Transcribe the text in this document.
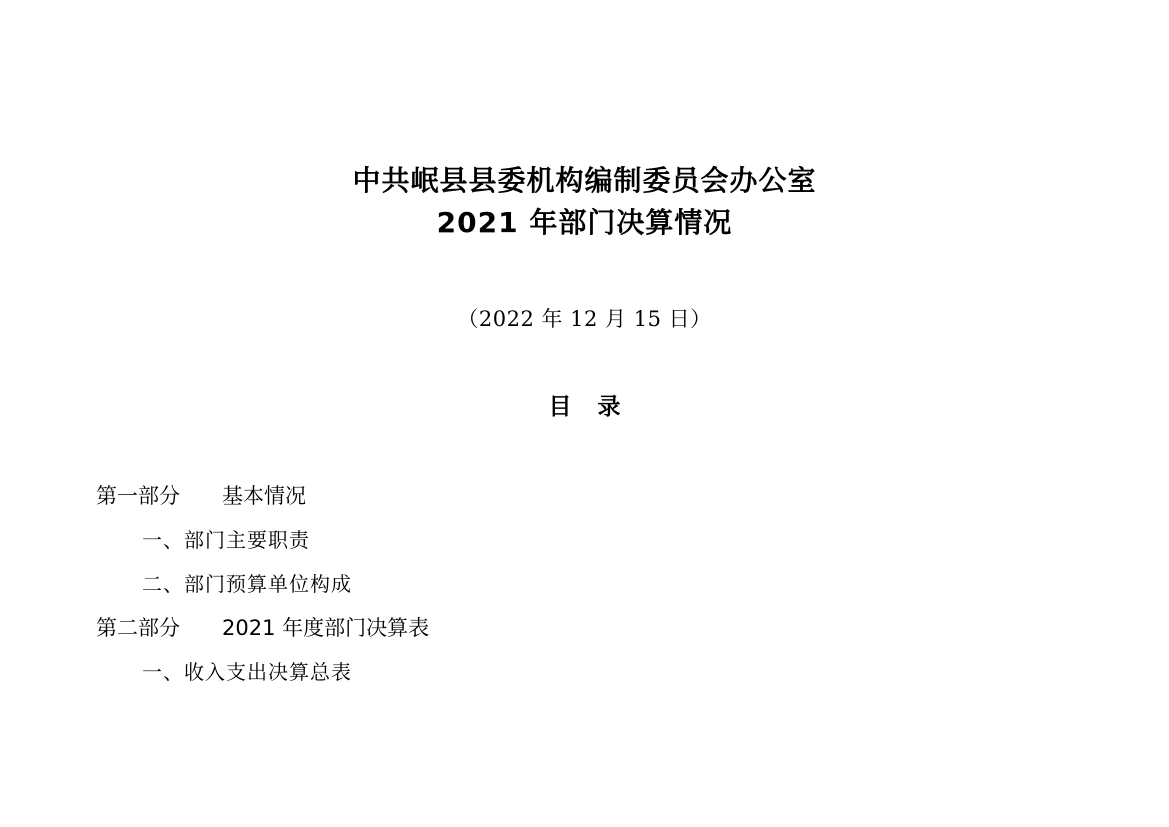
中共岷县县委机构编制委员会办公室
2021 年部门决算情况
（2022 年 12 月 15 日）
目录
第一部分　　基本情况
一、部门主要职责
二、部门预算单位构成
第二部分　　2021 年度部门决算表
一、收入支出决算总表
